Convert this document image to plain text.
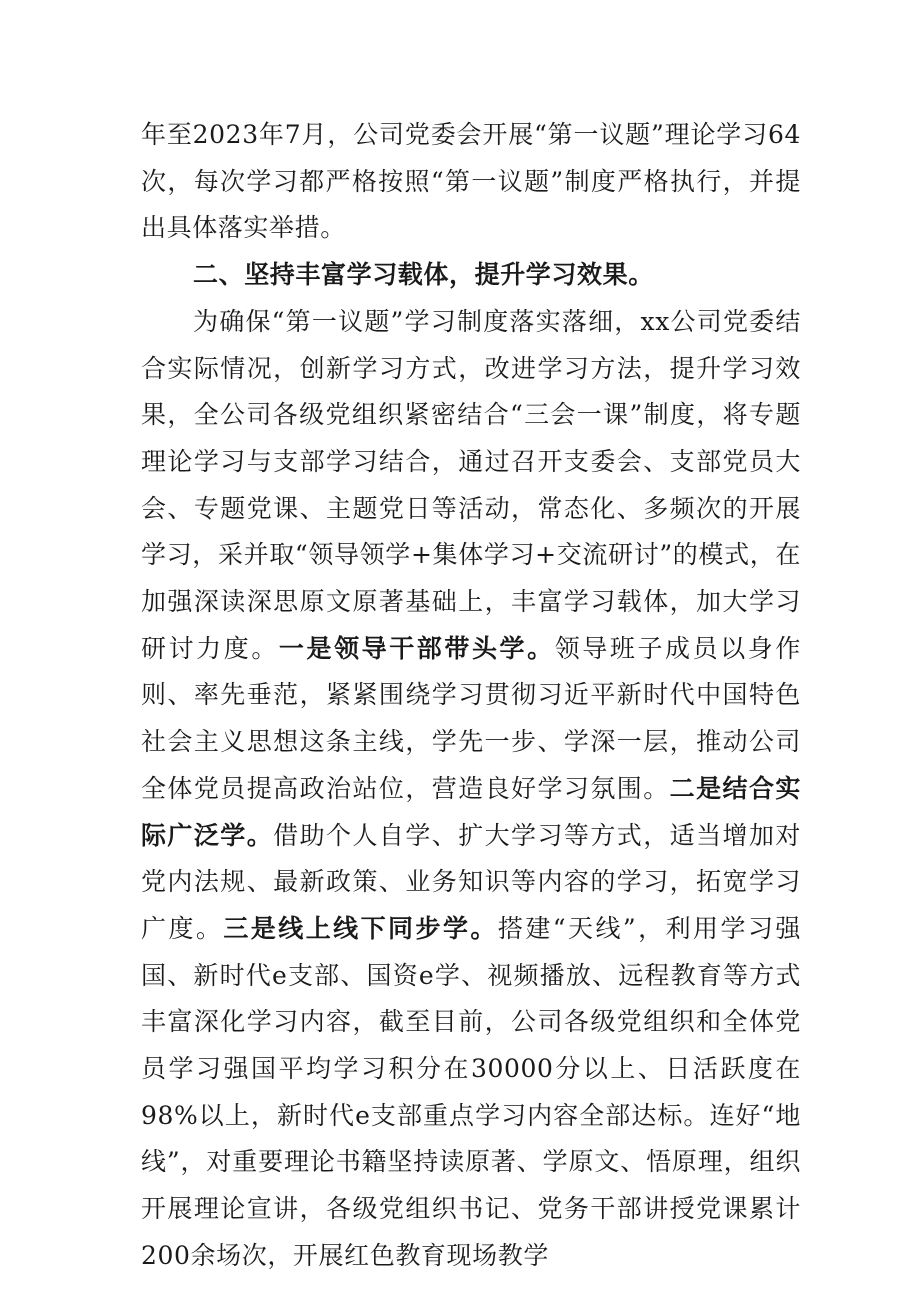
年至2023年7月，公司党委会开展“第一议题”理论学习64次，每次学习都严格按照“第一议题”制度严格执行，并提出具体落实举措。

二、坚持丰富学习载体，提升学习效果。

为确保“第一议题”学习制度落实落细，xx公司党委结合实际情况，创新学习方式，改进学习方法，提升学习效果，全公司各级党组织紧密结合“三会一课”制度，将专题理论学习与支部学习结合，通过召开支委会、支部党员大会、专题党课、主题党日等活动，常态化、多频次的开展学习，采并取“领导领学+集体学习+交流研讨”的模式，在加强深读深思原文原著基础上，丰富学习载体，加大学习研讨力度。一是领导干部带头学。领导班子成员以身作则、率先垂范，紧紧围绕学习贯彻习近平新时代中国特色社会主义思想这条主线，学先一步、学深一层，推动公司全体党员提高政治站位，营造良好学习氛围。二是结合实际广泛学。借助个人自学、扩大学习等方式，适当增加对党内法规、最新政策、业务知识等内容的学习，拓宽学习广度。三是线上线下同步学。搭建“天线”，利用学习强国、新时代e支部、国资e学、视频播放、远程教育等方式丰富深化学习内容，截至目前，公司各级党组织和全体党员学习强国平均学习积分在30000分以上、日活跃度在98%以上，新时代e支部重点学习内容全部达标。连好“地线”，对重要理论书籍坚持读原著、学原文、悟原理，组织开展理论宣讲，各级党组织书记、党务干部讲授党课累计200余场次，开展红色教育现场教学
